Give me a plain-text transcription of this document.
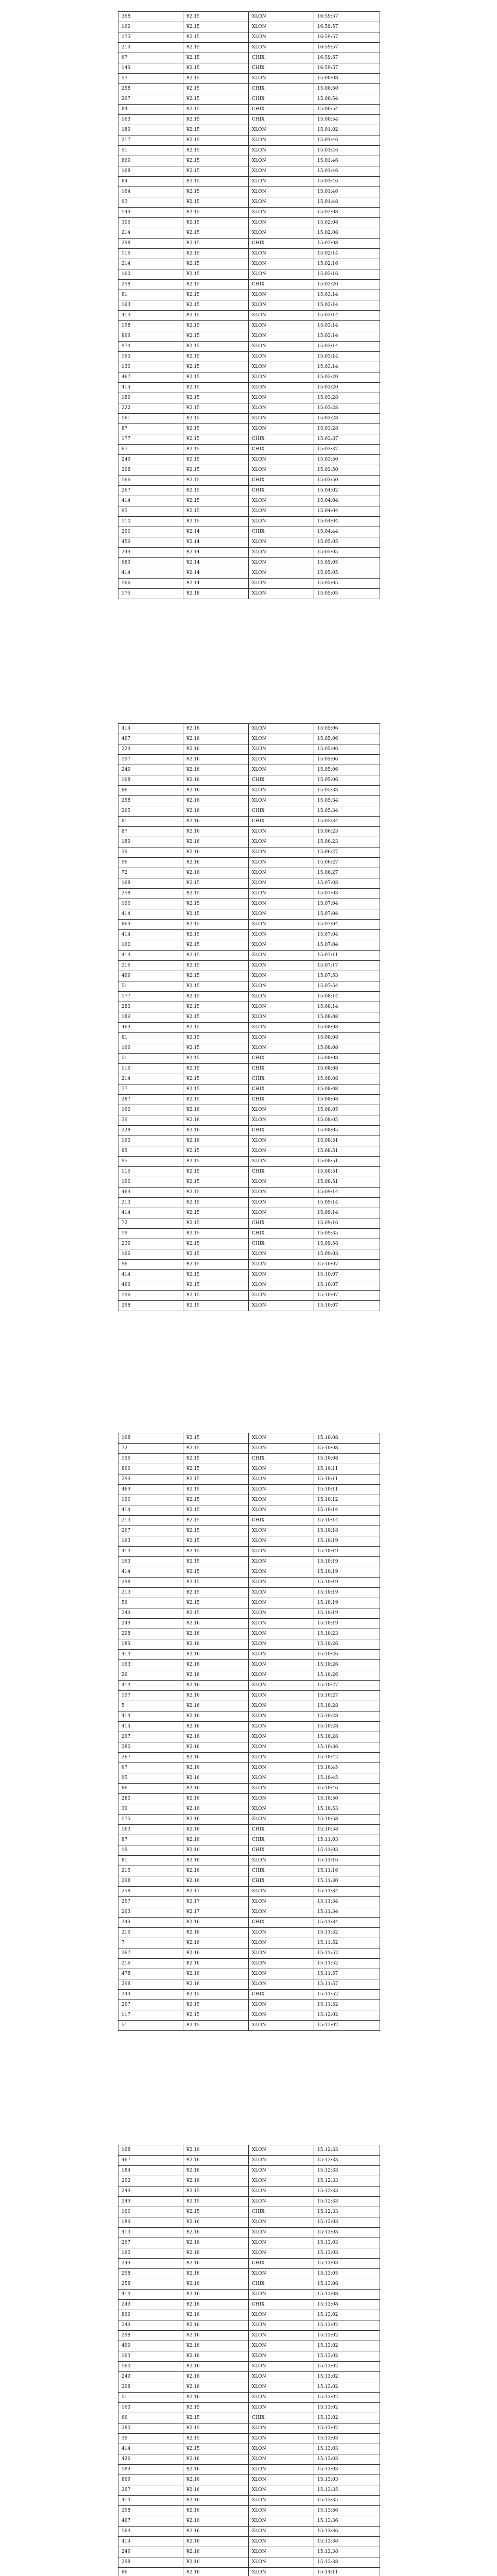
368	¥2.15	XLON	16:59:57
160	¥2.15	XLON	16:59:57
175	¥2.15	XLON	16:59:57
214	¥2.15	XLON	16:59:57
67	¥2.15	CHIX	16:59:57
149	¥2.15	CHIX	16:59:57
53	¥2.15	XLON	15:00:08
258	¥2.15	CHIX	15:00:50
267	¥2.15	CHIX	15:00:54
84	¥2.15	CHIX	15:00:54
163	¥2.15	CHIX	15:00:54
189	¥2.15	XLON	15:01:02
217	¥2.15	XLON	15:01:46
51	¥2.15	XLON	15:01:46
869	¥2.15	XLON	15:01:46
168	¥2.15	XLON	15:01:46
84	¥2.15	XLON	15:01:46
164	¥2.15	XLON	15:01:46
93	¥2.15	XLON	15:01:48
149	¥2.15	XLON	15:02:08
306	¥2.15	XLON	15:02:08
214	¥2.15	XLON	15:02:08
298	¥2.15	CHIX	15:02:08
116	¥2.15	XLON	15:02:14
214	¥2.15	XLON	15:02:16
160	¥2.15	XLON	15:02:16
258	¥2.15	CHIX	15:02:20
81	¥2.15	XLON	15:03:14
163	¥2.15	XLON	15:03:14
414	¥2.15	XLON	15:03:14
158	¥2.15	XLON	15:03:14
869	¥2.15	XLON	15:03:14
974	¥2.15	XLON	15:03:14
160	¥2.15	XLON	15:03:14
136	¥2.15	XLON	15:03:14
467	¥2.15	XLON	15:03:20
414	¥2.15	XLON	15:03:20
189	¥2.15	XLON	15:03:28
222	¥2.15	XLON	15:03:28
161	¥2.15	XLON	15:03:28
87	¥2.15	XLON	15:03:28
177	¥2.15	CHIX	15:03:37
67	¥2.15	CHIX	15:03:37
249	¥2.15	XLON	15:03:50
298	¥2.15	XLON	15:03:50
166	¥2.15	CHIX	15:03:50
267	¥2.15	CHIX	15:04:02
414	¥2.15	XLON	15:04:04
95	¥2.15	XLON	15:04:04
110	¥2.15	XLON	15:04:04
296	¥2.14	CHIX	15:04:44
459	¥2.14	XLON	15:05:05
249	¥2.14	XLON	15:05:05
689	¥2.14	XLON	15:05:05
414	¥2.14	XLON	15:05:05
166	¥2.14	XLON	15:05:05
175	¥2.18	XLON	15:05:05
414	¥2.16	XLON	15:05:06
467	¥2.16	XLON	15:05:06
229	¥2.16	XLON	15:05:06
197	¥2.16	XLON	15:05:06
249	¥2.16	XLON	15:05:06
168	¥2.16	CHIX	15:05:06
86	¥2.16	XLON	15:05:33
258	¥2.16	XLON	15:05:34
265	¥2.16	CHIX	15:05:34
81	¥2.16	CHIX	15:05:34
87	¥2.16	XLON	15:06:23
189	¥2.16	XLON	15:06:23
39	¥2.16	XLON	15:06:27
96	¥2.16	XLON	15:06:27
72	¥2.16	XLON	15:06:27
168	¥2.15	XLON	15:07:03
258	¥2.15	XLON	15:07:03
196	¥2.15	XLON	15:07:04
414	¥2.15	XLON	15:07:04
869	¥2.15	XLON	15:07:04
414	¥2.15	XLON	15:07:04
160	¥2.15	XLON	15:07:04
414	¥2.15	XLON	15:07:11
216	¥2.15	XLON	15:07:17
469	¥2.15	XLON	15:07:53
51	¥2.15	XLON	15:07:54
177	¥2.15	XLON	15:08:14
280	¥2.15	XLON	15:08:14
189	¥2.15	XLON	15:08:08
469	¥2.15	XLON	15:08:08
81	¥2.15	XLON	15:08:08
166	¥2.15	XLON	15:08:08
51	¥2.15	CHIX	15:08:08
116	¥2.15	CHIX	15:08:08
214	¥2.15	CHIX	15:08:08
77	¥2.15	CHIX	15:08:08
287	¥2.15	CHIX	15:08:08
160	¥2.16	XLON	15:08:05
39	¥2.16	XLON	15:08:05
228	¥2.16	CHIX	15:08:05
160	¥2.16	XLON	15:08:51
85	¥2.15	XLON	15:08:51
95	¥2.15	XLON	15:08:51
116	¥2.15	CHIX	15:08:51
196	¥2.15	XLON	15:08:51
469	¥2.15	XLON	15:09:14
213	¥2.15	XLON	15:09:14
414	¥2.15	XLON	15:09:14
72	¥2.15	CHIX	15:09:16
19	¥2.15	CHIX	15:09:35
239	¥2.15	CHIX	15:09:58
166	¥2.15	XLON	15:09:03
96	¥2.15	XLON	15:10:07
414	¥2.15	XLON	15:10:07
469	¥2.15	XLON	15:10:07
196	¥2.15	XLON	15:10:07
298	¥2.15	XLON	15:10:07
168	¥2.15	XLON	15:10:08
72	¥2.15	XLON	15:10:08
196	¥2.15	CHIX	15:10:08
869	¥2.15	XLON	15:10:11
299	¥2.15	XLON	15:10:11
469	¥2.15	XLON	15:10:11
196	¥2.15	XLON	15:10:12
414	¥2.15	XLON	15:10:14
213	¥2.15	CHIX	15:10:14
267	¥2.15	XLON	15:10:18
163	¥2.15	XLON	15:10:19
414	¥2.15	XLON	15:10:19
163	¥2.15	XLON	15:10:19
414	¥2.15	XLON	15:10:19
298	¥2.15	XLON	15:10:19
213	¥2.15	XLON	15:10:19
56	¥2.15	XLON	15:10:19
249	¥2.15	XLON	15:10:19
249	¥2.16	XLON	15:10:19
298	¥2.16	XLON	15:10:23
189	¥2.16	XLON	15:10:26
414	¥2.16	XLON	15:10:26
163	¥2.16	XLON	15:10:26
26	¥2.16	XLON	15:10:26
414	¥2.16	XLON	15:10:27
197	¥2.16	XLON	15:10:27
5	¥2.16	XLON	15:10:28
414	¥2.16	XLON	15:10:28
414	¥2.16	XLON	15:10:28
267	¥2.16	XLON	15:10:28
280	¥2.16	XLON	15:10:36
267	¥2.16	XLON	15:10:42
67	¥2.16	XLON	15:10:45
95	¥2.16	XLON	15:10:45
86	¥2.16	XLON	15:10:46
280	¥2.16	XLON	15:10:50
39	¥2.16	XLON	15:10:53
175	¥2.16	XLON	15:10:58
163	¥2.16	CHIX	15:10:58
87	¥2.16	CHIX	15:11:03
19	¥2.16	CHIX	15:11:03
81	¥2.16	XLON	15:11:16
215	¥2.16	CHIX	15:11:16
298	¥2.16	CHIX	15:11:30
258	¥2.17	XLON	15:11:34
267	¥2.17	XLON	15:11:34
263	¥2.17	XLON	15:11:34
249	¥2.16	CHIX	15:11:34
216	¥2.16	XLON	15:11:52
7	¥2.16	XLON	15:11:52
267	¥2.16	XLON	15:11:52
216	¥2.16	XLON	15:11:52
478	¥2.16	XLON	15:11:57
298	¥2.16	XLON	15:11:57
249	¥2.15	CHIX	15:11:52
267	¥2.15	XLON	15:11:52
117	¥2.15	XLON	15:12:02
51	¥2.15	XLON	15:12:02
168	¥2.16	XLON	15:12:33
467	¥2.16	XLON	15:12:33
184	¥2.16	XLON	15:12:33
292	¥2.16	XLON	15:12:33
249	¥2.15	XLON	15:12:33
249	¥2.15	XLON	15:12:33
166	¥2.15	CHIX	15:12:33
189	¥2.16	XLON	15:13:03
414	¥2.16	XLON	15:13:03
267	¥2.16	XLON	15:13:03
160	¥2.16	XLON	15:13:03
249	¥2.16	CHIX	15:13:03
258	¥2.16	XLON	15:13:05
258	¥2.16	CHIX	15:13:08
414	¥2.16	XLON	15:13:08
249	¥2.16	CHIX	15:13:08
869	¥2.16	XLON	15:13:02
249	¥2.16	XLON	15:13:02
298	¥2.16	XLON	15:13:02
469	¥2.16	XLON	15:13:02
163	¥2.16	XLON	15:13:02
160	¥2.16	XLON	15:13:02
249	¥2.16	XLON	15:13:02
298	¥2.16	XLON	15:13:02
51	¥2.16	XLON	15:13:02
160	¥2.15	XLON	15:13:02
66	¥2.15	CHIX	15:13:02
280	¥2.15	XLON	15:13:02
39	¥2.15	XLON	15:13:03
414	¥2.15	XLON	15:13:03
426	¥2.16	XLON	15:13:03
189	¥2.16	XLON	15:13:03
869	¥2.16	XLON	15:13:03
267	¥2.16	XLON	15:13:35
414	¥2.16	XLON	15:13:35
298	¥2.16	XLON	15:13:36
467	¥2.16	XLON	15:13:36
164	¥2.16	XLON	15:13:36
414	¥2.16	XLON	15:13:36
249	¥2.16	XLON	15:13:38
298	¥2.16	XLON	15:13:38
86	¥2.16	XLON	15:14:11
